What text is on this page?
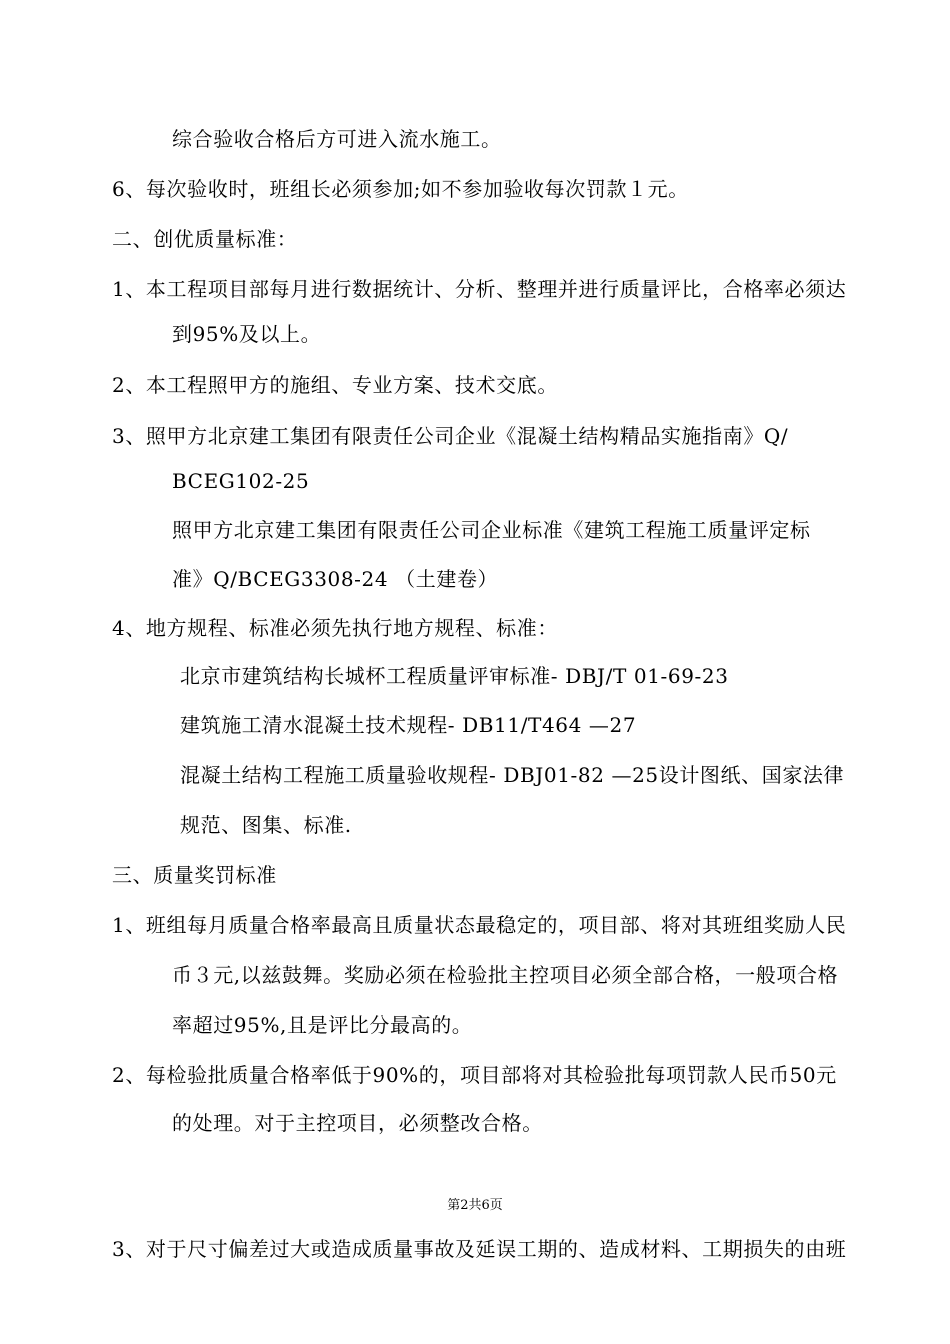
综合验收合格后方可进入流水施工。
6、每次验收时，班组长必须参加;如不参加验收每次罚款１元。
二、创优质量标准：
1、本工程项目部每月进行数据统计、分析、整理并进行质量评比，合格率必须达
到95%及以上。
2、本工程照甲方的施组、专业方案、技术交底。
3、照甲方北京建工集团有限责任公司企业《混凝土结构精品实施指南》Q/
BCEG102-25
照甲方北京建工集团有限责任公司企业标准《建筑工程施工质量评定标
准》Q/BCEG3308-24 （土建卷）
4、地方规程、标准必须先执行地方规程、标准：
北京市建筑结构长城杯工程质量评审标准- DBJ/T 01-69-23
建筑施工清水混凝土技术规程- DB11/T464 —27
混凝土结构工程施工质量验收规程- DBJ01-82 —25设计图纸、国家法律
规范、图集、标准.
三、质量奖罚标准
1、班组每月质量合格率最高且质量状态最稳定的，项目部、将对其班组奖励人民
币３元,以兹鼓舞。奖励必须在检验批主控项目必须全部合格，一般项合格
率超过95%,且是评比分最高的。
2、每检验批质量合格率低于90%的，项目部将对其检验批每项罚款人民币50元
的处理。对于主控项目，必须整改合格。
第2共6页
3、对于尺寸偏差过大或造成质量事故及延误工期的、造成材料、工期损失的由班
